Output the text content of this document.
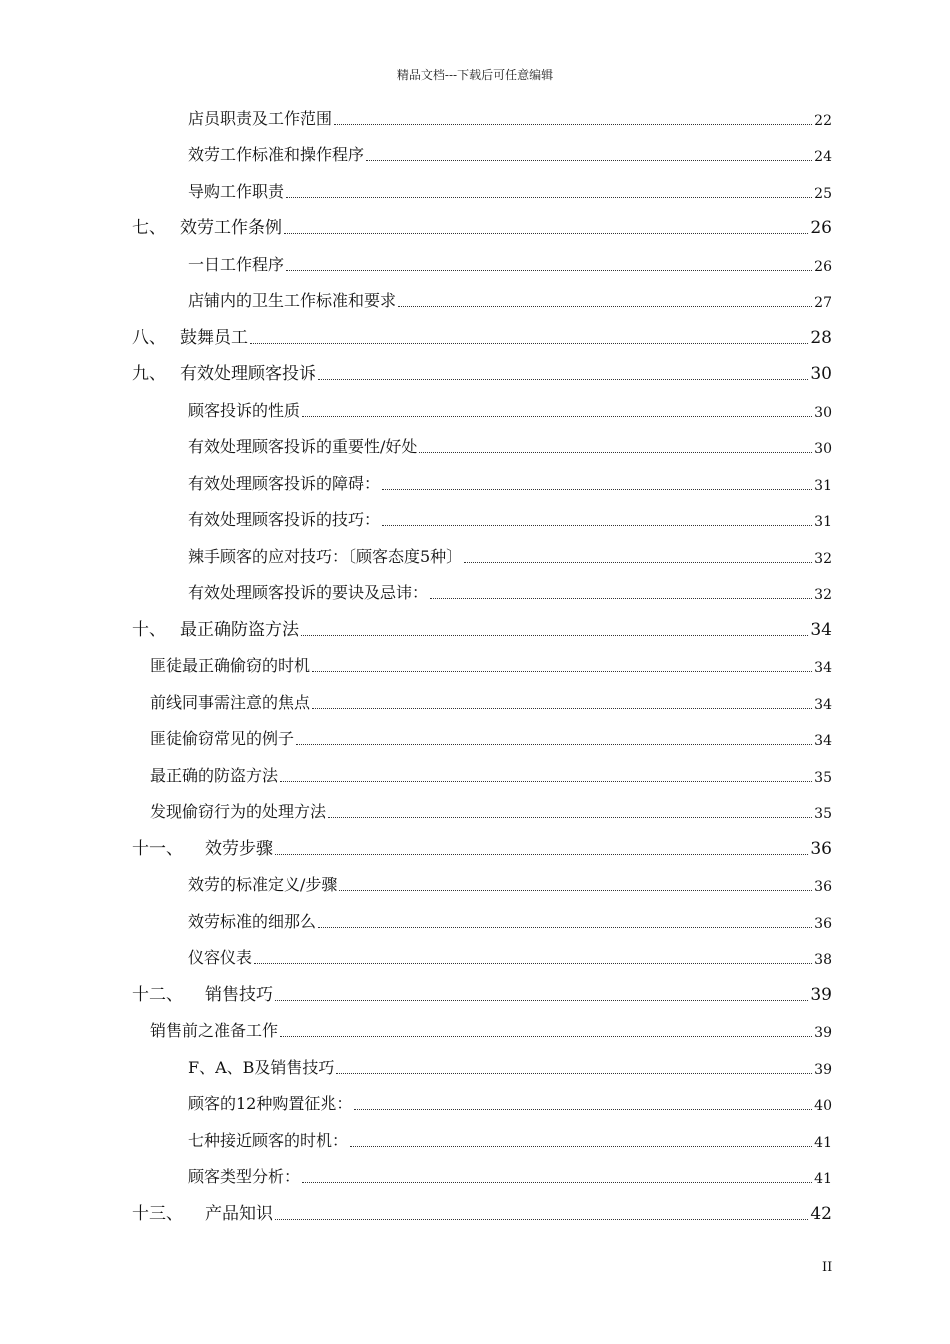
精品文档---下载后可任意编辑
店员职责及工作范围	22
效劳工作标准和操作程序	24
导购工作职责	25
七、 效劳工作条例	26
一日工作程序	26
店铺内的卫生工作标准和要求	27
八、 鼓舞员工	28
九、 有效处理顾客投诉	30
顾客投诉的性质	30
有效处理顾客投诉的重要性/好处	30
有效处理顾客投诉的障碍：	31
有效处理顾客投诉的技巧：	31
辣手顾客的应对技巧：〔顾客态度5种〕	32
有效处理顾客投诉的要诀及忌讳：	32
十、 最正确防盗方法	34
匪徒最正确偷窃的时机	34
前线同事需注意的焦点	34
匪徒偷窃常见的例子	34
最正确的防盗方法	35
发现偷窃行为的处理方法	35
十一、 效劳步骤	36
效劳的标准定义/步骤	36
效劳标准的细那么	36
仪容仪表	38
十二、 销售技巧	39
销售前之准备工作	39
F、A、B及销售技巧	39
顾客的12种购置征兆：	40
七种接近顾客的时机：	41
顾客类型分析：	41
十三、 产品知识	42
II
